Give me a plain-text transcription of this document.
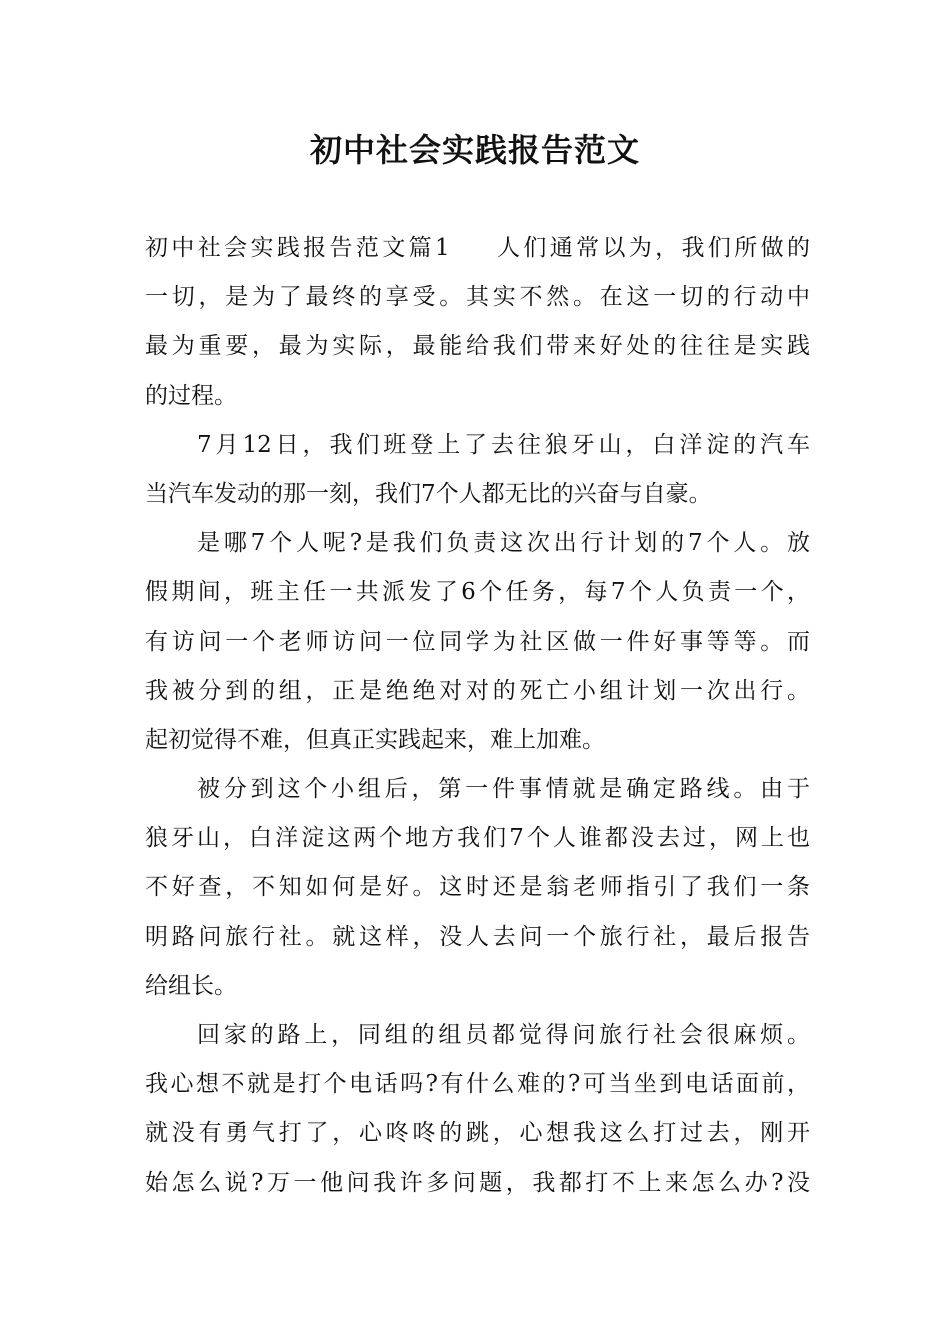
初中社会实践报告范文
初中社会实践报告范文篇1 人们通常以为，我们所做的
一切，是为了最终的享受。其实不然。在这一切的行动中
最为重要，最为实际，最能给我们带来好处的往往是实践
的过程。
7月12日，我们班登上了去往狼牙山，白洋淀的汽车
当汽车发动的那一刻，我们7个人都无比的兴奋与自豪。
是哪7个人呢?是我们负责这次出行计划的7个人。放
假期间，班主任一共派发了6个任务，每7个人负责一个，
有访问一个老师访问一位同学为社区做一件好事等等。而
我被分到的组，正是绝绝对对的死亡小组计划一次出行。
起初觉得不难，但真正实践起来，难上加难。
被分到这个小组后，第一件事情就是确定路线。由于
狼牙山，白洋淀这两个地方我们7个人谁都没去过，网上也
不好查，不知如何是好。这时还是翁老师指引了我们一条
明路问旅行社。就这样，没人去问一个旅行社，最后报告
给组长。
回家的路上，同组的组员都觉得问旅行社会很麻烦。
我心想不就是打个电话吗?有什么难的?可当坐到电话面前，
就没有勇气打了，心咚咚的跳，心想我这么打过去，刚开
始怎么说?万一他问我许多问题，我都打不上来怎么办?没
